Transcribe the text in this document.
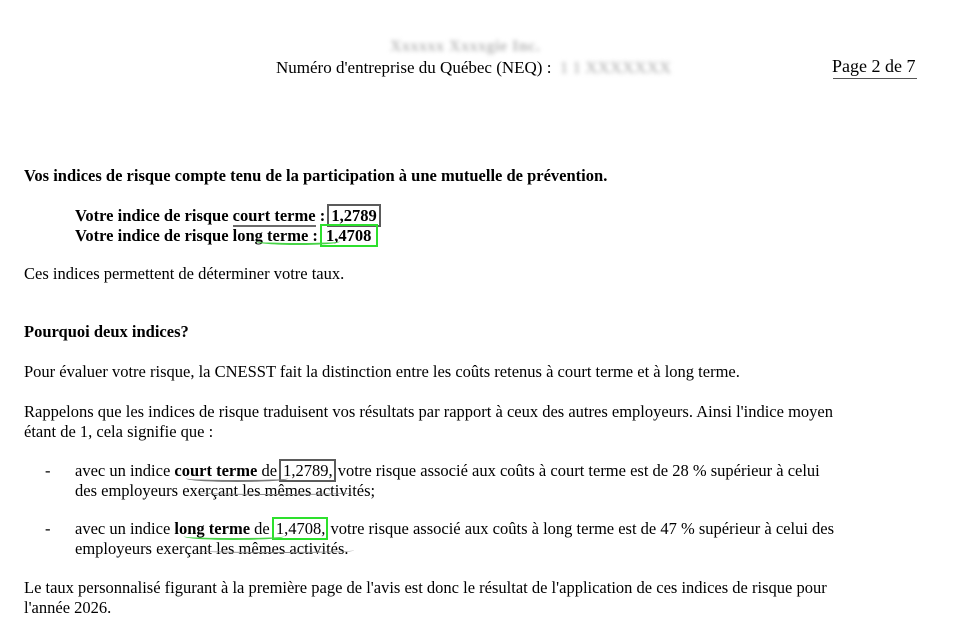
Xxxxxx Xxxxgie Inc.
Numéro d'entreprise du Québec (NEQ) : 1 1 XXXXXXX	Page 2 de 7
Vos indices de risque compte tenu de la participation à une mutuelle de prévention.
Votre indice de risque court terme : 1,2789
Votre indice de risque long terme : 1,4708
Ces indices permettent de déterminer votre taux.
Pourquoi deux indices?
Pour évaluer votre risque, la CNESST fait la distinction entre les coûts retenus à court terme et à long terme.
Rappelons que les indices de risque traduisent vos résultats par rapport à ceux des autres employeurs. Ainsi l'indice moyen
étant de 1, cela signifie que :
- avec un indice court terme de 1,2789, votre risque associé aux coûts à court terme est de 28 % supérieur à celui
des employeurs exerçant les mêmes activités;
- avec un indice long terme de 1,4708, votre risque associé aux coûts à long terme est de 47 % supérieur à celui des
employeurs exerçant les mêmes activités.
Le taux personnalisé figurant à la première page de l'avis est donc le résultat de l'application de ces indices de risque pour
l'année 2026.
